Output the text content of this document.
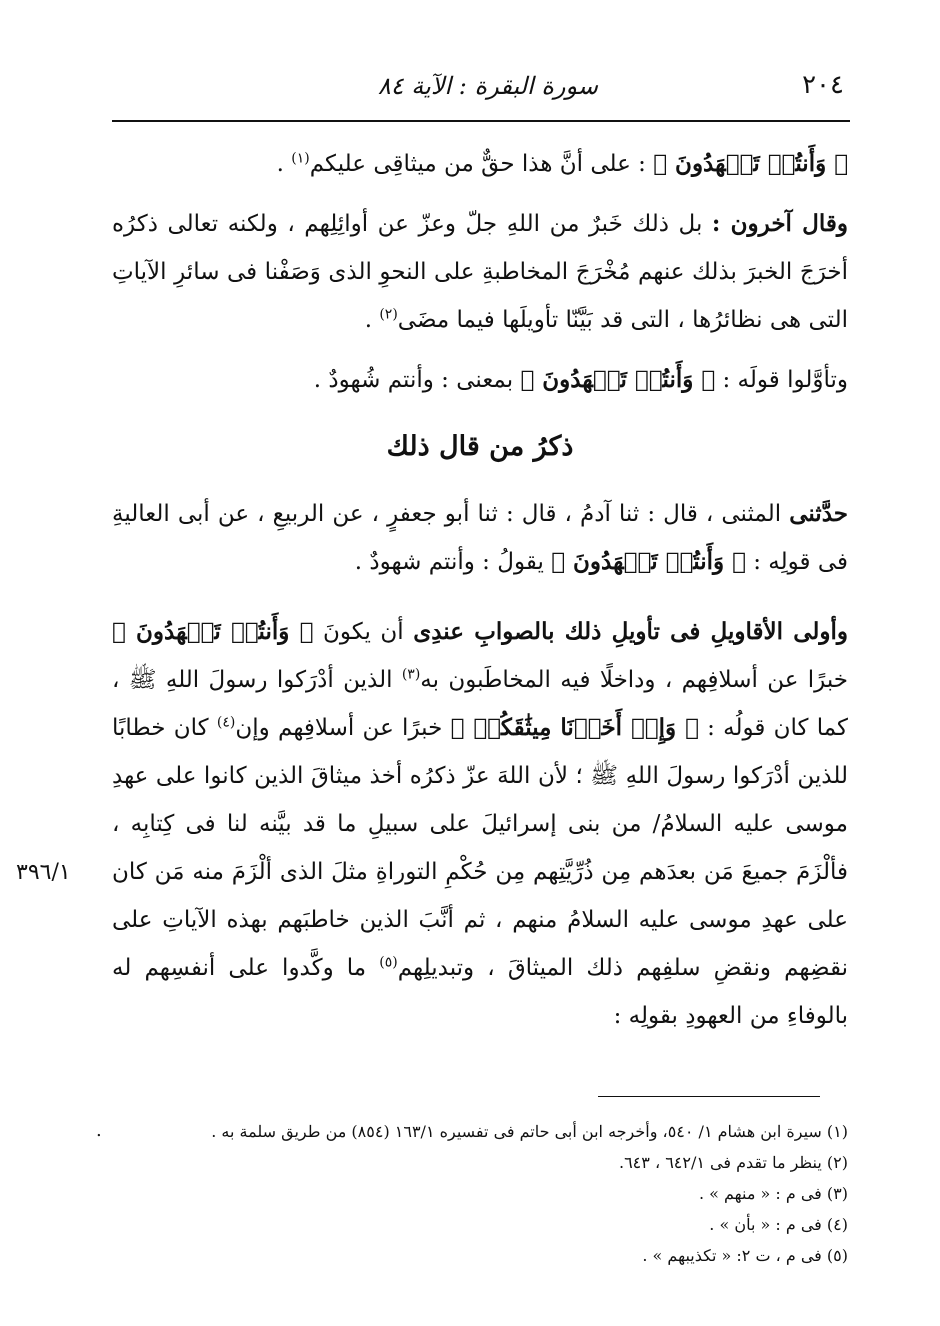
٢٠٤
سورة البقرة : الآية ٨٤

﴿ وَأَنتُمۡ تَشۡهَدُونَ ﴾ : على أنَّ هذا حقٌّ من ميثاقِى عليكم$^{(١)}$ .

وقال آخرون : بل ذلك خَبرٌ من اللهِ جلّ وعزّ عن أوائِلِهم ، ولكنه تعالى ذكرُه أخرَجَ الخبرَ بذلك عنهم مُخْرَجَ المخاطبةِ على النحوِ الذى وَصَفْنا فى سائرِ الآياتِ التى هى نظائرُها ، التى قد بَيَّنّا تأويلَها فيما مضَى$^{(٢)}$ .

وتأوَّلوا قولَه : ﴿ وَأَنتُمۡ تَشۡهَدُونَ ﴾ بمعنى : وأنتم شُهودٌ .

ذكرُ من قال ذلك

حدَّثنى المثنى ، قال : ثنا آدمُ ، قال : ثنا أبو جعفرٍ ، عن الربيعِ ، عن أبى العاليةِ فى قولِه : ﴿ وَأَنتُمۡ تَشۡهَدُونَ ﴾ يقولُ : وأنتم شهودٌ .

وأولى الأقاويلِ فى تأويلِ ذلك بالصوابِ عندِى أن يكونَ ﴿ وَأَنتُمۡ تَشۡهَدُونَ ﴾ خبرًا عن أسلافِهم ، وداخلًا فيه المخاطَبون به$^{(٣)}$ الذين أدْرَكوا رسولَ اللهِ ﷺ ، كما كان قولُه : ﴿ وَإِذۡ أَخَذۡنَا مِيثَٰقَكُمۡ ﴾ خبرًا عن أسلافِهم وإن$^{(٤)}$ كان خطابًا للذين أدْرَكوا رسولَ اللهِ ﷺ ؛ لأن اللهَ عزّ ذكرُه أخذ ميثاقَ الذين كانوا على عهدِ موسى عليه السلامُ/ من بنى إسرائيلَ على سبيلِ ما قد بيَّنه لنا فى كِتابِه ، فألْزَمَ جميعَ مَن بعدَهم مِن ذُرِّيَّتِهم مِن حُكْمِ التوراةِ مثلَ الذى ألْزَمَ منه مَن كان على عهدِ موسى عليه السلامُ منهم ، ثم أنَّبَ الذين خاطبَهم بهذه الآياتِ على نقضِهم ونقضِ سلفِهم ذلك الميثاقَ ، وتبديلِهم$^{(٥)}$ ما وكَّدوا على أنفسِهم له بالوفاءِ من العهودِ بقولِه :

٣٩٦/١

(١) سيرة ابن هشام ١/ ٥٤٠، وأخرجه ابن أبى حاتم فى تفسيره ١٦٣/١ (٨٥٤) من طريق سلمة به .

(٢) ينظر ما تقدم فى ٦٤٢/١ ، ٦٤٣.

(٣) فى م : « منهم » .

(٤) فى م : « بأن » .

(٥) فى م ، ت ٢: « تكذيبهم » .

.
